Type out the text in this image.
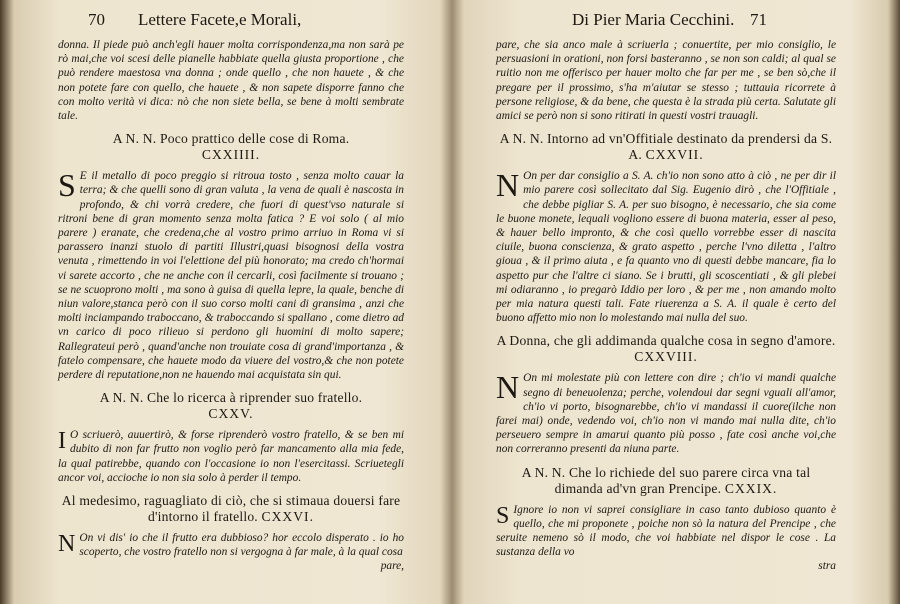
70 Lettere Facete,e Morali,

donna. Il piede può anch'egli hauer molta corrispondenza,ma non sarà pe rò mai,che voi scesi delle pianelle habbiate quella giusta proportione , che può rendere maestosa vna donna ; onde quello , che non hauete , & che non potete fare con quello, che hauete , & non sapete disporre fanno che con molto verità vi dica: nò che non siete bella, se bene à molti sembrate tale.

A N. N. Poco prattico delle cose di Roma.
CXXIIII.

S E il metallo di poco preggio si ritroua tosto , senza molto cauar la terra; & che quelli sono di gran valuta , la vena de quali è nascosta in profondo, & chi vorrà credere, che fuori di quest'vso naturale si ritroni bene di gran momento senza molta fatica ? E voi solo ( al mio parere ) eranate, che credena,che al vostro primo arriuo in Roma vi si parassero inanzi stuolo di partiti Illustri,quasi bisognosi della vostra venuta , rimettendo in voi l'elettione del più honorato; ma credo ch'hormai vi sarete accorto , che ne anche con il cercarli, così facilmente si trouano ; se ne scuoprono molti , ma sono à guisa di quella lepre, la quale, benche di niun valore,stanca però con il suo corso molti cani di gransima , anzi che molti inciampando traboccano, & traboccando si spallano , come dietro ad vn carico di poco rilieuo si perdono gli huomini di molto sapere; Rallegrateui però , quand'anche non trouiate cosa di grand'importanza , & fatelo compensare, che hauete modo da viuere del vostro,& che non potete perdere di reputatione,non ne hauendo mai acquistata sin qui.

A N. N. Che lo ricerca à riprender suo fratello.
CXXV.

I O scriuerò, auuertirò, & forse riprenderò vostro fratello, & se ben mi dubito di non far frutto non voglio però far mancamento alla mia fede, la qual patirebbe, quando con l'occasione io non l'esercitassi. Scriuetegli ancor voi, accioche io non sia solo à perder il tempo.

Al medesimo, raguagliato di ciò, che si stimaua douersi fare d'intorno il fratello. CXXVI.

N On vi dis' io che il frutto era dubbioso? hor eccolo disperato . io ho scoperto, che vostro fratello non si vergogna à far male, à la qual cosa

pare,

Di Pier Maria Cecchini. 71

pare, che sia anco male à scriuerla ; conuertite, per mio consiglio, le persuasioni in orationi, non forsi basteranno , se non son caldi; al qual se ruitio non me offerisco per hauer molto che far per me , se ben sò,che il pregare per il prossimo, s'ha m'aiutar se stesso ; tuttauia ricorrete à persone religiose, & da bene, che questa è la strada più certa. Salutate gli amici se però non si sono ritirati in questi vostri trauagli.

A N. N. Intorno ad vn'Offitiale destinato da prendersi da S. A. CXXVII.

N On per dar consiglio a S. A. ch'io non sono atto à ciò , ne per dir il mio parere così sollecitato dal Sig. Eugenio dirò , che l'Offitiale , che debbe pigliar S. A. per suo bisogno, è necessario, che sia come le buone monete, lequali vogliono essere di buona materia, esser al peso, & hauer bello impronto, & che così quello vorrebbe esser di nascita ciuile, buona conscienza, & grato aspetto , perche l'vno diletta , l'altro gioua , & il primo aiuta , e fa quanto vno di questi debbe mancare, fia lo aspetto pur che l'altre ci siano. Se i brutti, gli scoscentiati , & gli plebei mi odiaranno , io pregarò Iddio per loro , & per me , non amando molto per mia natura questi tali. Fate riuerenza a S. A. il quale è certo del buono affetto mio non lo molestando mai nulla del suo.

A Donna, che gli addimanda qualche cosa in segno d'amore. CXXVIII.

N On mi molestate più con lettere con dire ; ch'io vi mandi qualche segno di beneuolenza; perche, volendoui dar segni vguali all'amor, ch'io vi porto, bisognarebbe, ch'io vi mandassi il cuore(ilche non farei mai) onde, vedendo voi, ch'io non vi mando mai nulla dite, ch'io perseuero sempre in amarui quanto più posso , fate così anche voi,che non correranno presenti da niuna parte.

A N. N. Che lo richiede del suo parere circa vna tal dimanda ad'vn gran Prencipe. CXXIX.

S Ignore io non vi saprei consigliare in caso tanto dubioso quanto è quello, che mi proponete , poiche non sò la natura del Prencipe , che seruite nemeno sò il modo, che voi habbiate nel dispor le cose . La sustanza della vo

stra
